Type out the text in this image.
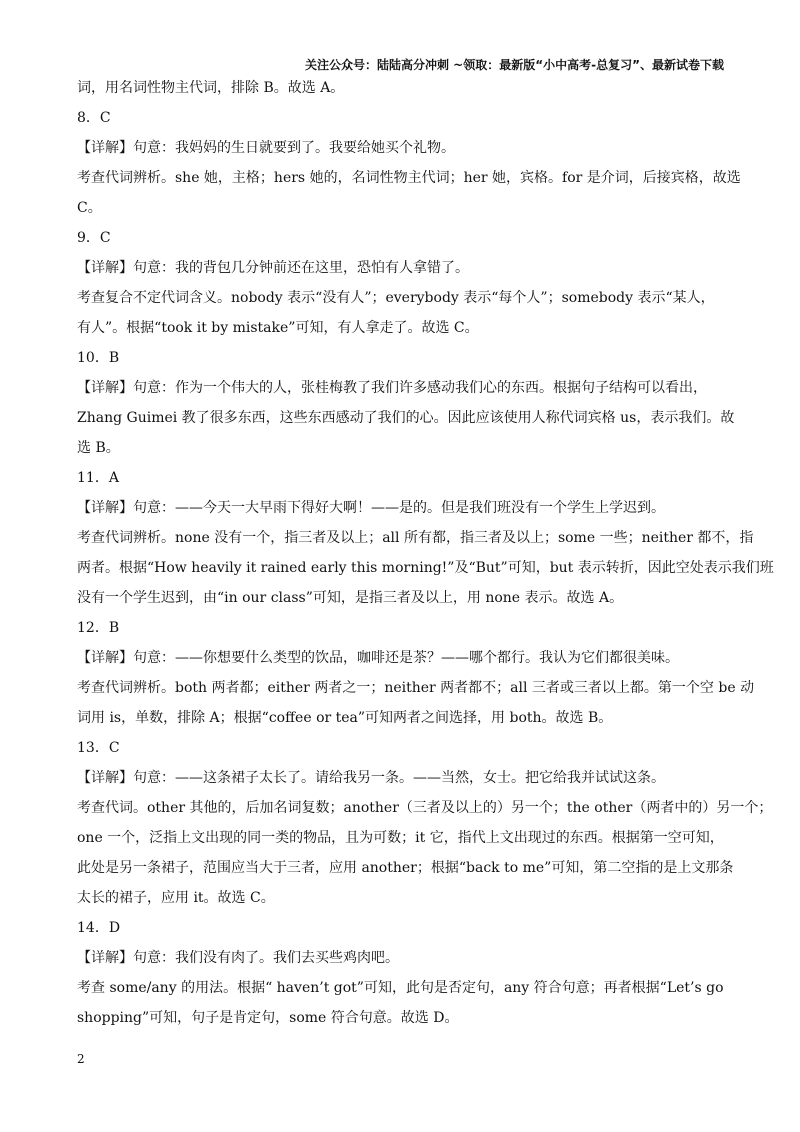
关注公众号：陆陆高分冲刺 ~领取：最新版“小中高考-总复习”、最新试卷下载
词，用名词性物主代词，排除 B。故选 A。
8．C
【详解】句意：我妈妈的生日就要到了。我要给她买个礼物。
考查代词辨析。she 她，主格；hers 她的，名词性物主代词；her 她，宾格。for 是介词，后接宾格，故选
C。
9．C
【详解】句意：我的背包几分钟前还在这里，恐怕有人拿错了。
考查复合不定代词含义。nobody 表示“没有人”；everybody 表示“每个人”；somebody 表示“某人，
有人”。根据“took it by mistake”可知，有人拿走了。故选 C。
10．B
【详解】句意：作为一个伟大的人，张桂梅教了我们许多感动我们心的东西。根据句子结构可以看出，
Zhang Guimei 教了很多东西，这些东西感动了我们的心。因此应该使用人称代词宾格 us，表示我们。故
选 B。
11．A
【详解】句意：——今天一大早雨下得好大啊！——是的。但是我们班没有一个学生上学迟到。
考查代词辨析。none 没有一个，指三者及以上；all 所有都，指三者及以上；some 一些；neither 都不，指
两者。根据“How heavily it rained early this morning!”及“But”可知，but 表示转折，因此空处表示我们班
没有一个学生迟到，由“in our class”可知，是指三者及以上，用 none 表示。故选 A。
12．B
【详解】句意：——你想要什么类型的饮品，咖啡还是茶？——哪个都行。我认为它们都很美味。
考查代词辨析。both 两者都；either 两者之一；neither 两者都不；all 三者或三者以上都。第一个空 be 动
词用 is，单数，排除 A；根据“coffee or tea”可知两者之间选择，用 both。故选 B。
13．C
【详解】句意：——这条裙子太长了。请给我另一条。——当然，女士。把它给我并试试这条。
考查代词。other 其他的，后加名词复数；another（三者及以上的）另一个；the other（两者中的）另一个；
one 一个，泛指上文出现的同一类的物品，且为可数；it 它，指代上文出现过的东西。根据第一空可知，
此处是另一条裙子，范围应当大于三者，应用 another；根据“back to me”可知，第二空指的是上文那条
太长的裙子，应用 it。故选 C。
14．D
【详解】句意：我们没有肉了。我们去买些鸡肉吧。
考查 some/any 的用法。根据“ haven’t got”可知，此句是否定句，any 符合句意；再者根据“Let’s go
shopping”可知，句子是肯定句，some 符合句意。故选 D。
2
